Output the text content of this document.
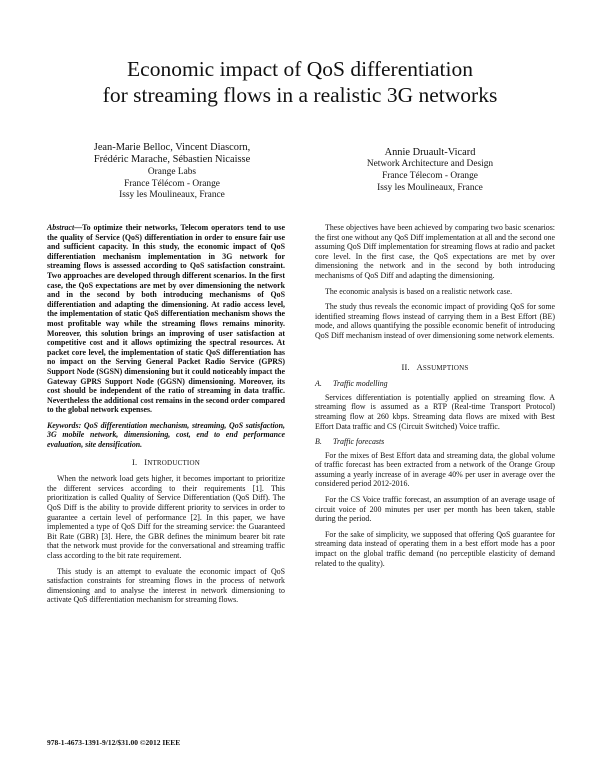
Economic impact of QoS differentiation
for streaming flows in a realistic 3G networks
Jean-Marie Belloc, Vincent Diascorn,
Frédéric Marache, Sébastien Nicaisse
Orange Labs
France Télécom - Orange
Issy les Moulineaux, France
Annie Druault-Vicard
Network Architecture and Design
France Télecom - Orange
Issy les Moulineaux, France

Abstract—To optimize their networks, Telecom operators tend to use the quality of Service (QoS) differentiation in order to ensure fair use and sufficient capacity. In this study, the economic impact of QoS differentiation mechanism implementation in 3G network for streaming flows is assessed according to QoS satisfaction constraint. Two approaches are developed through different scenarios. In the first case, the QoS expectations are met by over dimensioning the network and in the second by both introducing mechanisms of QoS differentiation and adapting the dimensioning. At radio access level, the implementation of static QoS differentiation mechanism shows the most profitable way while the streaming flows remains minority. Moreover, this solution brings an improving of user satisfaction at competitive cost and it allows optimizing the spectral resources. At packet core level, the implementation of static QoS differentiation has no impact on the Serving General Packet Radio Service (GPRS) Support Node (SGSN) dimensioning but it could noticeably impact the Gateway GPRS Support Node (GGSN) dimensioning. Moreover, its cost should be independent of the ratio of streaming in data traffic. Nevertheless the additional cost remains in the second order compared to the global network expenses.

Keywords: QoS differentiation mechanism, streaming, QoS satisfaction, 3G mobile network, dimensioning, cost, end to end performance evaluation, site densification.

I. INTRODUCTION

When the network load gets higher, it becomes important to prioritize the different services according to their requirements [1]. This prioritization is called Quality of Service Differentiation (QoS Diff). The QoS Diff is the ability to provide different priority to services in order to guarantee a certain level of performance [2]. In this paper, we have implemented a type of QoS Diff for the streaming service: the Guaranteed Bit Rate (GBR) [3]. Here, the GBR defines the minimum bearer bit rate that the network must provide for the conversational and streaming traffic class according to the bit rate requirement.

This study is an attempt to evaluate the economic impact of QoS satisfaction constraints for streaming flows in the process of network dimensioning and to analyse the interest in network dimensioning to activate QoS differentiation mechanism for streaming flows.

These objectives have been achieved by comparing two basic scenarios: the first one without any QoS Diff implementation at all and the second one assuming QoS Diff implementation for streaming flows at radio and packet core level. In the first case, the QoS expectations are met by over dimensioning the network and in the second by both introducing mechanisms of QoS Diff and adapting the dimensioning.

The economic analysis is based on a realistic network case.

The study thus reveals the economic impact of providing QoS for some identified streaming flows instead of carrying them in a Best Effort (BE) mode, and allows quantifying the possible economic benefit of introducing QoS Diff mechanism instead of over dimensioning some network elements.

II. ASSUMPTIONS
A. Traffic modelling

Services differentiation is potentially applied on streaming flow. A streaming flow is assumed as a RTP (Real-time Transport Protocol) streaming flow at 260 kbps. Streaming data flows are mixed with Best Effort Data traffic and CS (Circuit Switched) Voice traffic.

B. Traffic forecasts

For the mixes of Best Effort data and streaming data, the global volume of traffic forecast has been extracted from a network of the Orange Group assuming a yearly increase of in average 40% per user in average over the considered period 2012-2016.

For the CS Voice traffic forecast, an assumption of an average usage of circuit voice of 200 minutes per user per month has been taken, stable during the period.

For the sake of simplicity, we supposed that offering QoS guarantee for streaming data instead of operating them in a best effort mode has a poor impact on the global traffic demand (no perceptible elasticity of demand related to the quality).

978-1-4673-1391-9/12/$31.00 ©2012 IEEE
